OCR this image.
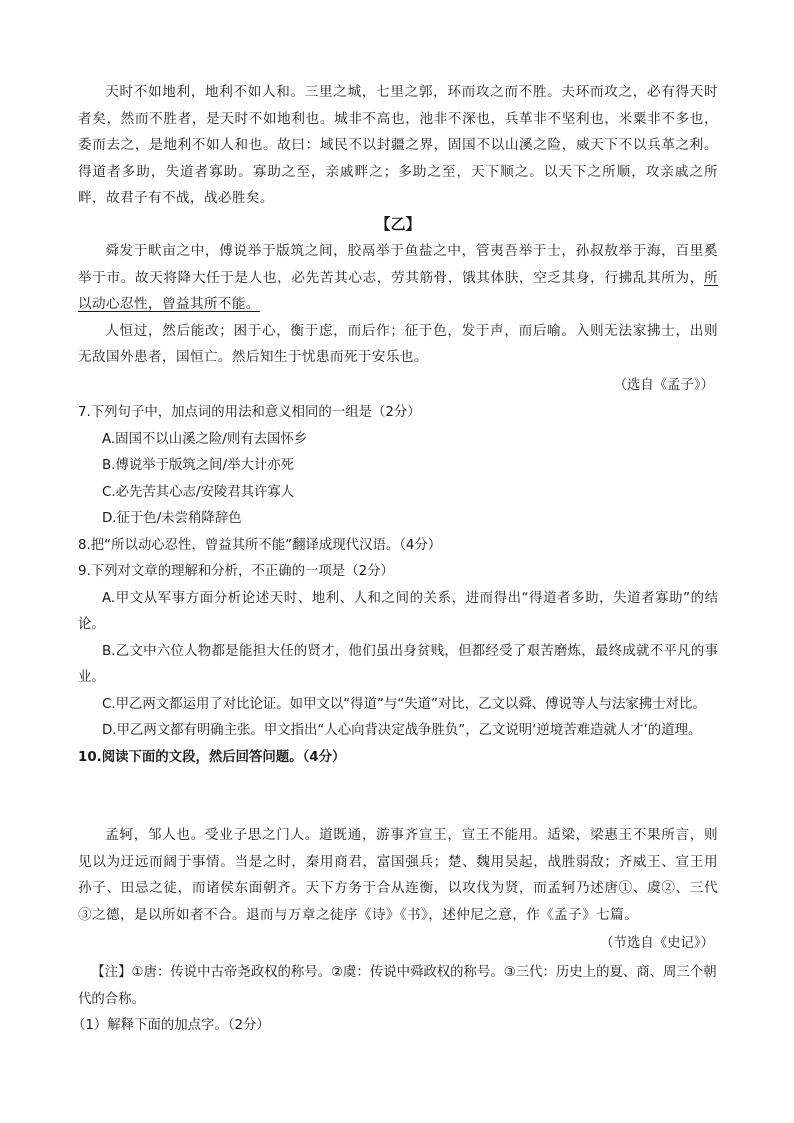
天时不如地利，地利不如人和。三里之城，七里之郭，环而攻之而不胜。夫环而攻之，必有得天时者矣，然而不胜者，是天时不如地利也。城非不高也，池非不深也，兵革非不坚利也，米粟非不多也，委而去之，是地利不如人和也。故曰：域民不以封疆之界，固国不以山溪之险，威天下不以兵革之利。得道者多助，失道者寡助。寡助之至，亲戚畔之；多助之至，天下顺之。以天下之所顺，攻亲戚之所畔，故君子有不战，战必胜矣。

【乙】

舜发于畎亩之中，傅说举于版筑之间，胶鬲举于鱼盐之中，管夷吾举于士，孙叔敖举于海，百里奚举于市。故天将降大任于是人也，必先苦其心志，劳其筋骨，饿其体肤，空乏其身，行拂乱其所为，所以动心忍性，曾益其所不能。

人恒过，然后能改；困于心，衡于虑，而后作；征于色，发于声，而后喻。入则无法家拂士，出则无敌国外患者，国恒亡。然后知生于忧患而死于安乐也。

（选自《孟子》）

7.下列句子中，加点词的用法和意义相同的一组是（2分）

A.固国不以山溪之险/则有去国怀乡

B.傅说举于版筑之间/举大计亦死

C.必先苦其心志/安陵君其许寡人

D.征于色/未尝稍降辞色

8.把“所以动心忍性，曾益其所不能”翻译成现代汉语。（4分）

9.下列对文章的理解和分析，不正确的一项是（2分）

A.甲文从军事方面分析论述天时、地利、人和之间的关系，进而得出“得道者多助，失道者寡助”的结论。

B.乙文中六位人物都是能担大任的贤才，他们虽出身贫贱，但都经受了艰苦磨炼，最终成就不平凡的事业。

C.甲乙两文都运用了对比论证。如甲文以“得道”与“失道”对比，乙文以舜、傅说等人与法家拂士对比。

D.甲乙两文都有明确主张。甲文指出“人心向背决定战争胜负”，乙文说明‘逆境苦难造就人才’的道理。

10.阅读下面的文段，然后回答问题。（4分）

孟轲，邹人也。受业子思之门人。道既通，游事齐宣王，宣王不能用。适梁，梁惠王不果所言，则见以为迂远而阔于事情。当是之时，秦用商君，富国强兵；楚、魏用吴起，战胜弱敌；齐威王、宣王用孙子、田忌之徒，而诸侯东面朝齐。天下方务于合从连衡，以攻伐为贤，而孟轲乃述唐①、虞②、三代③之德，是以所如者不合。退而与万章之徒序《诗》《书》，述仲尼之意，作《孟子》七篇。

（节选自《史记》）

【注】①唐：传说中古帝尧政权的称号。②虞：传说中舜政权的称号。③三代：历史上的夏、商、周三个朝代的合称。

（1）解释下面的加点字。（2分）
